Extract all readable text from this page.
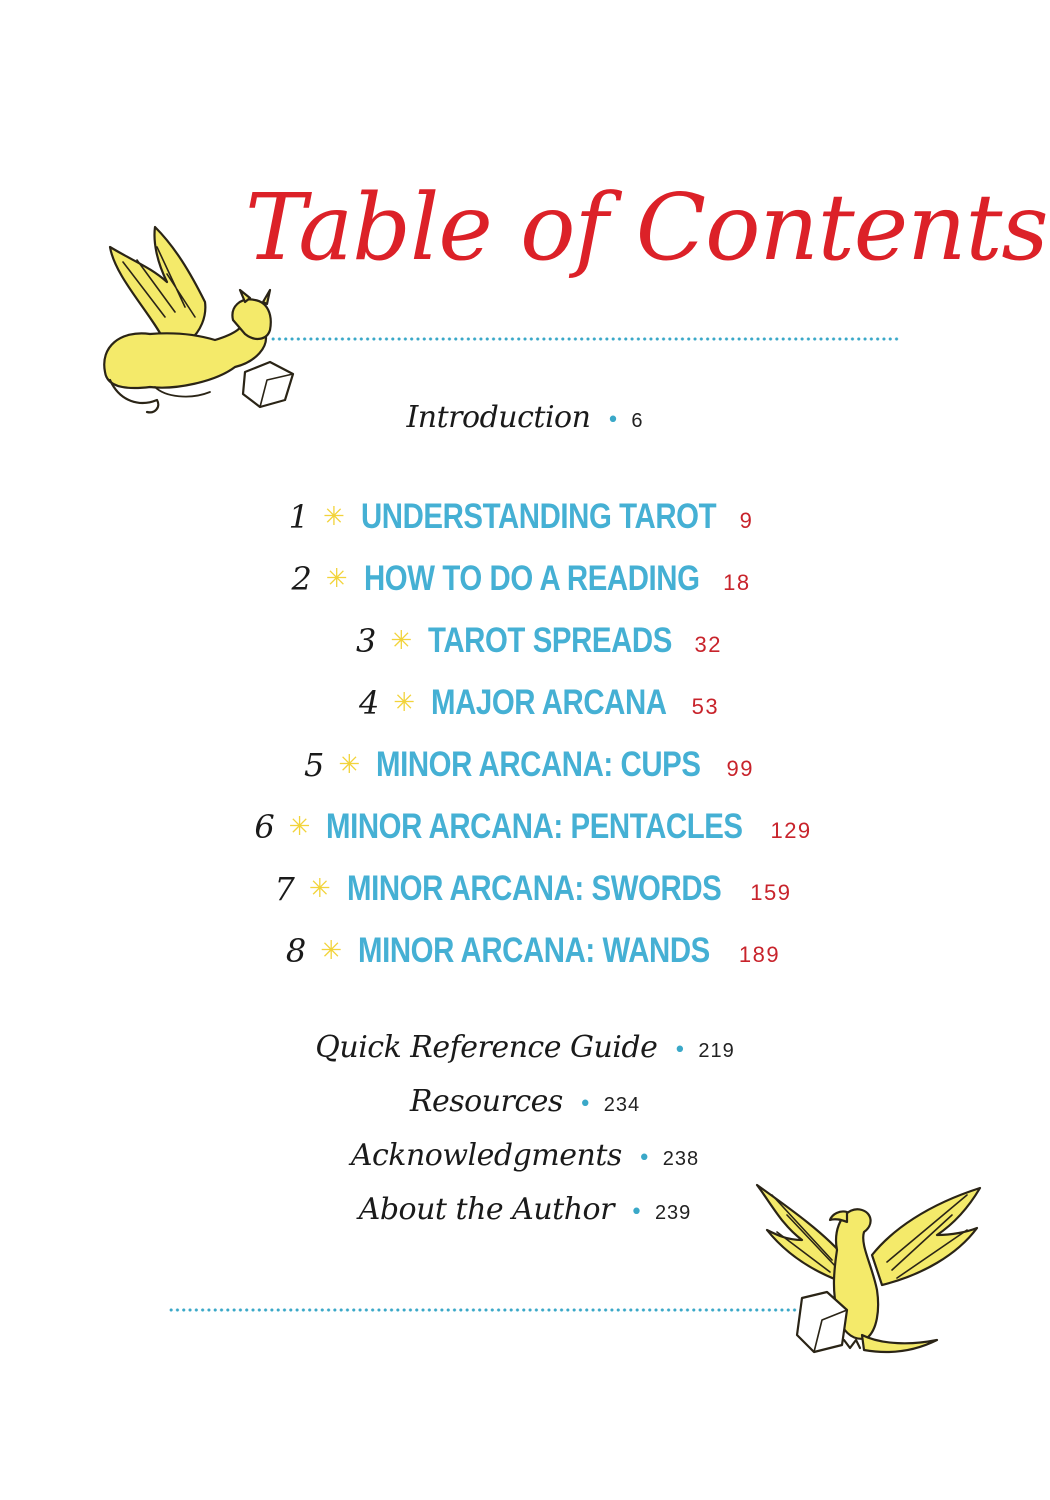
Table of Contents
Introduction • 6
1 ✳ UNDERSTANDING TAROT 9
2 ✳ HOW TO DO A READING 18
3 ✳ TAROT SPREADS 32
4 ✳ MAJOR ARCANA 53
5 ✳ MINOR ARCANA: CUPS 99
6 ✳ MINOR ARCANA: PENTACLES 129
7 ✳ MINOR ARCANA: SWORDS 159
8 ✳ MINOR ARCANA: WANDS 189
Quick Reference Guide • 219
Resources • 234
Acknowledgments • 238
About the Author • 239
